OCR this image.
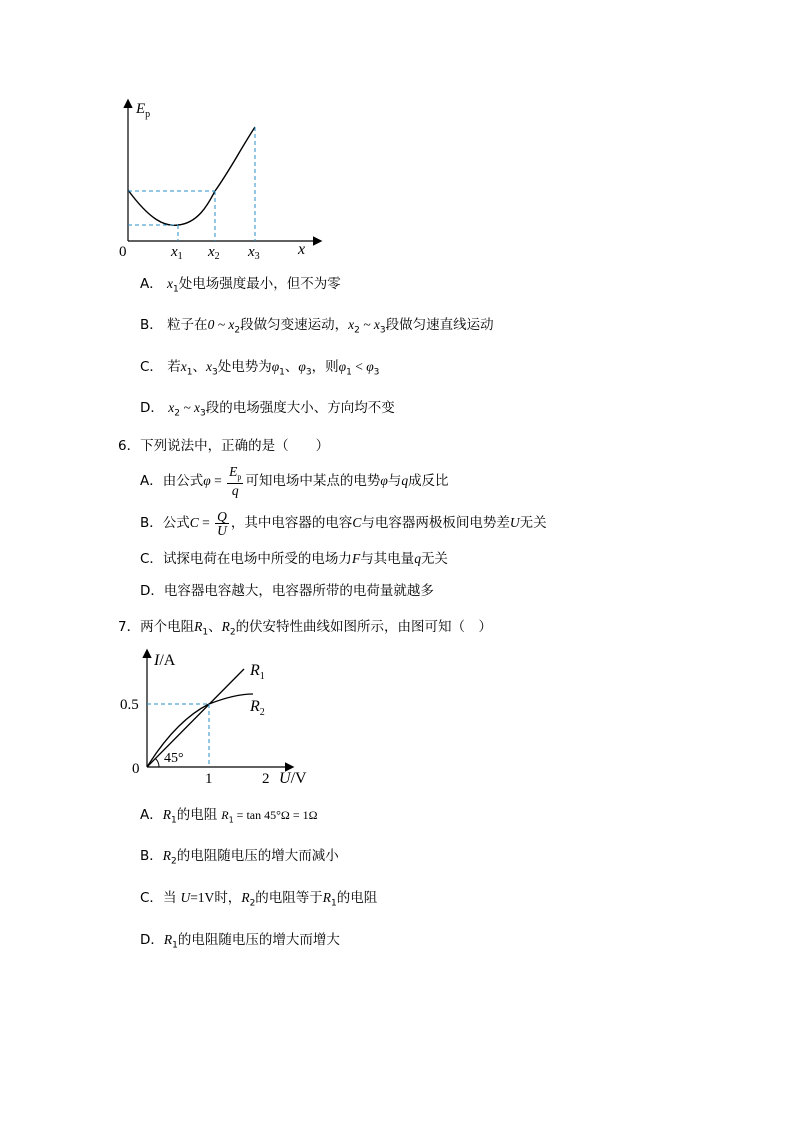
$E_p$
0	$x_1$ $x_2$ $x_3$ x
A． $x_1$处电场强度最小，但不为零
B． 粒子在0 ~ $x_2$段做匀变速运动，$x_2$ ~ $x_3$段做匀速直线运动
C． 若$x_1$、$x_3$处电势为$\varphi_1$、$\varphi_3$，则$\varphi_1 < \varphi_3$
D． $x_2$ ~ $x_3$段的电场强度大小、方向均不变
6．下列说法中，正确的是（　　）
A．由公式$\varphi = \frac{E_p}{q}$ 可知电场中某点的电势φ与q成反比
B．公式$C = \frac{Q}{U}$ ，其中电容器的电容C与电容器两极板间电势差U无关
C．试探电荷在电场中所受的电场力F与其电量q无关
D．电容器电容越大，电容器所带的电荷量就越多
7．两个电阻$R_1$、$R_2$的伏安特性曲线如图所示，由图可知（　）
45°
I/A
0.5
0
1	2 U/V
$R_1$
$R_2$
A．$R_1$的电阻 $R_1 = \tan 45^\circ\Omega = 1\Omega$
B．$R_2$的电阻随电压的增大而减小
C．当 U=1V时，$R_2$的电阻等于$R_1$的电阻
D．$R_1$的电阻随电压的增大而增大
